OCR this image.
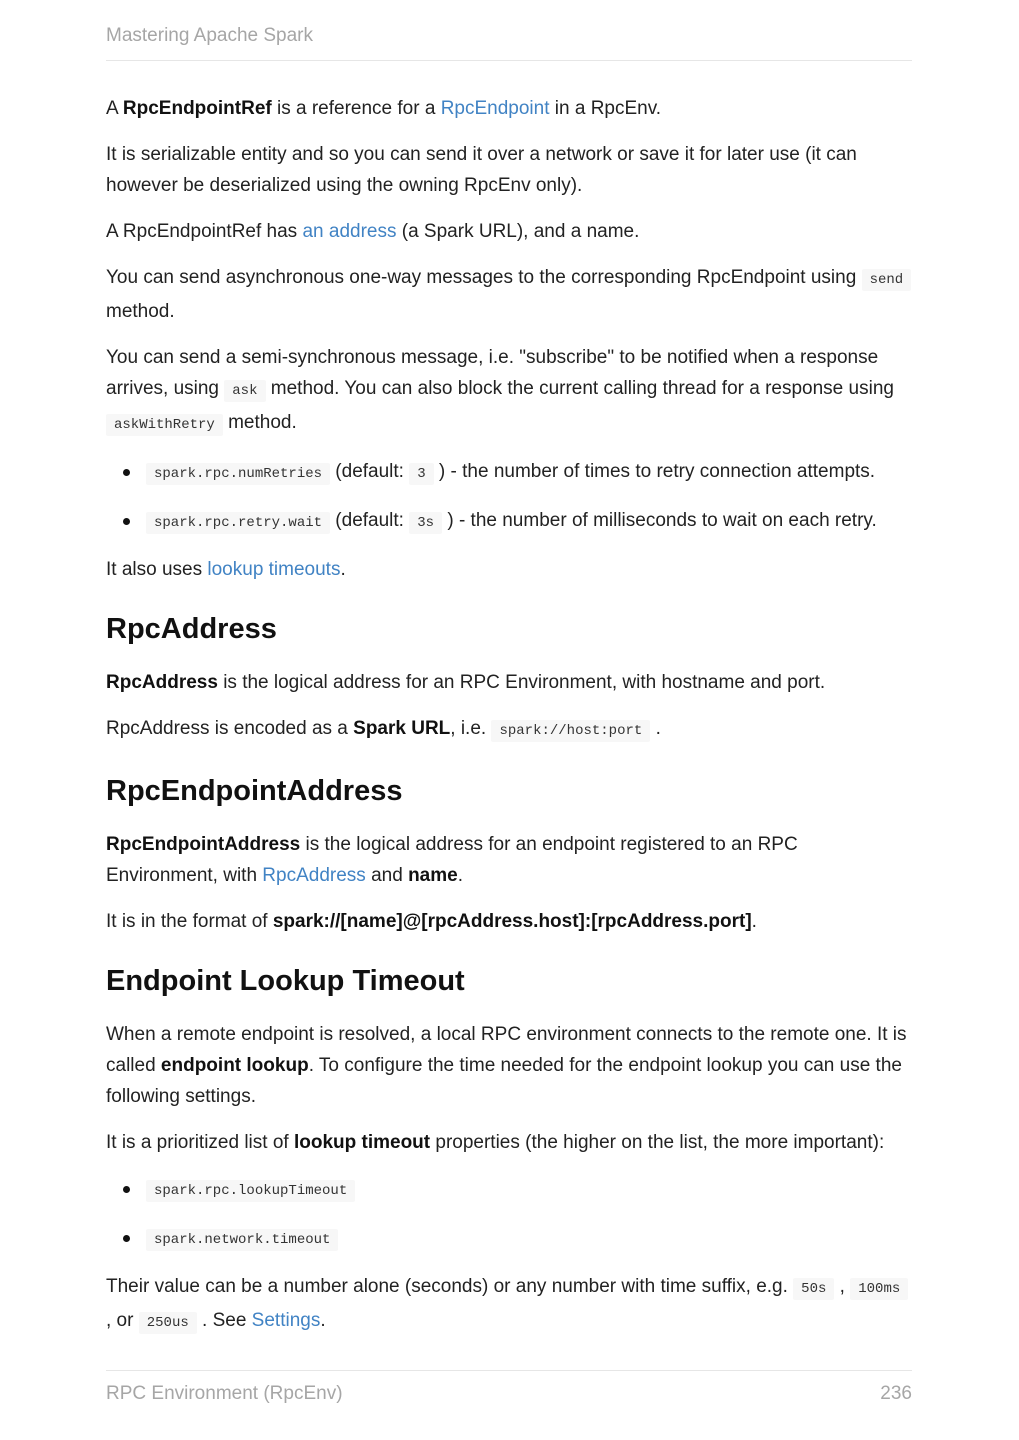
Mastering Apache Spark

A RpcEndpointRef is a reference for a RpcEndpoint in a RpcEnv.

It is serializable entity and so you can send it over a network or save it for later use (it can however be deserialized using the owning RpcEnv only).

A RpcEndpointRef has an address (a Spark URL), and a name.

You can send asynchronous one-way messages to the corresponding RpcEndpoint using send method.

You can send a semi-synchronous message, i.e. "subscribe" to be notified when a response arrives, using ask method. You can also block the current calling thread for a response using askWithRetry method.

spark.rpc.numRetries (default: 3 ) - the number of times to retry connection attempts.
spark.rpc.retry.wait (default: 3s ) - the number of milliseconds to wait on each retry.

It also uses lookup timeouts.

RpcAddress

RpcAddress is the logical address for an RPC Environment, with hostname and port.

RpcAddress is encoded as a Spark URL, i.e. spark://host:port .

RpcEndpointAddress

RpcEndpointAddress is the logical address for an endpoint registered to an RPC Environment, with RpcAddress and name.

It is in the format of spark://[name]@[rpcAddress.host]:[rpcAddress.port].

Endpoint Lookup Timeout

When a remote endpoint is resolved, a local RPC environment connects to the remote one. It is called endpoint lookup. To configure the time needed for the endpoint lookup you can use the following settings.

It is a prioritized list of lookup timeout properties (the higher on the list, the more important):

spark.rpc.lookupTimeout
spark.network.timeout

Their value can be a number alone (seconds) or any number with time suffix, e.g. 50s , 100ms , or 250us . See Settings.

RPC Environment (RpcEnv)	236
